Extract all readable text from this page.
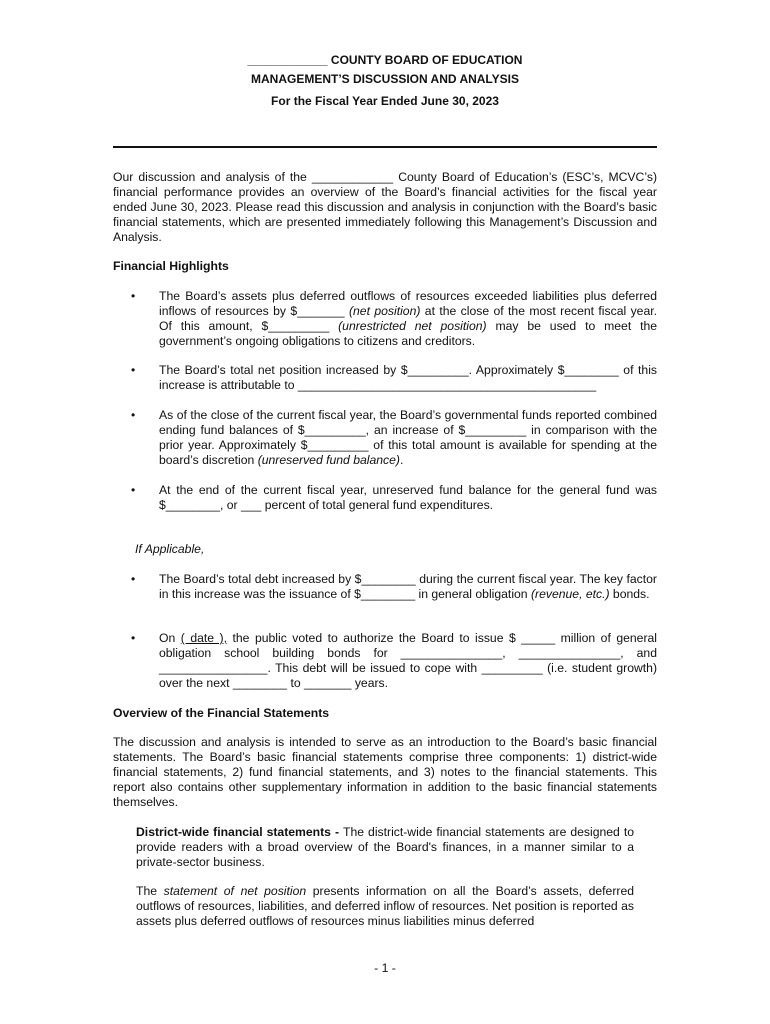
____________ COUNTY BOARD OF EDUCATION
MANAGEMENT’S DISCUSSION AND ANALYSIS
For the Fiscal Year Ended June 30, 2023

Our discussion and analysis of the ____________ County Board of Education’s (ESC’s, MCVC’s) financial performance provides an overview of the Board’s financial activities for the fiscal year ended June 30, 2023. Please read this discussion and analysis in conjunction with the Board’s basic financial statements, which are presented immediately following this Management’s Discussion and Analysis.

Financial Highlights
• The Board’s assets plus deferred outflows of resources exceeded liabilities plus deferred inflows of resources by $_______ (net position) at the close of the most recent fiscal year. Of this amount, $_________ (unrestricted net position) may be used to meet the government’s ongoing obligations to citizens and creditors.

• The Board’s total net position increased by $_________. Approximately $________ of this increase is attributable to ____________________________________________

• As of the close of the current fiscal year, the Board’s governmental funds reported combined ending fund balances of $_________, an increase of $_________ in comparison with the prior year. Approximately $_________ of this total amount is available for spending at the board’s discretion (unreserved fund balance).

• At the end of the current fiscal year, unreserved fund balance for the general fund was $________, or ___ percent of total general fund expenditures.

If Applicable,
• The Board’s total debt increased by $________ during the current fiscal year. The key factor in this increase was the issuance of $________ in general obligation (revenue, etc.) bonds.

• On ( date ), the public voted to authorize the Board to issue $ _____ million of general obligation school building bonds for _______________, _______________, and ________________. This debt will be issued to cope with _________ (i.e. student growth) over the next ________ to _______ years.

Overview of the Financial Statements

The discussion and analysis is intended to serve as an introduction to the Board’s basic financial statements. The Board’s basic financial statements comprise three components: 1) district-wide financial statements, 2) fund financial statements, and 3) notes to the financial statements. This report also contains other supplementary information in addition to the basic financial statements themselves.

District-wide financial statements - The district-wide financial statements are designed to provide readers with a broad overview of the Board's finances, in a manner similar to a private-sector business.

The statement of net position presents information on all the Board’s assets, deferred outflows of resources, liabilities, and deferred inflow of resources. Net position is reported as assets plus deferred outflows of resources minus liabilities minus deferred

- 1 -
